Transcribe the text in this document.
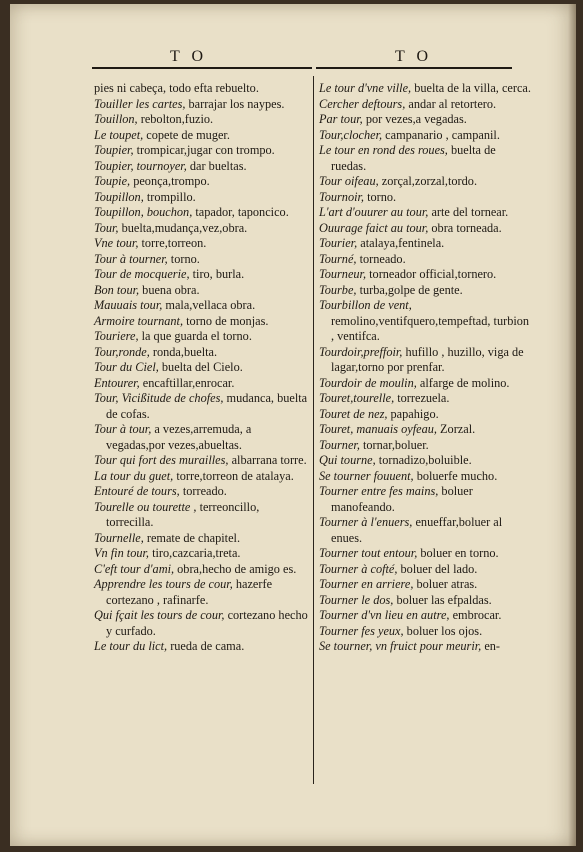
T O	T O
pies ni cabeça, todo efta rebuelto.
Touiller les cartes, barrajar los naypes.
Touillon, rebolton,fuzio.
Le toupet, copete de muger.
Toupier, trompicar,jugar con trompo.
Toupier, tournoyer, dar bueltas.
Toupie, peonça,trompo.
Toupillon, trompillo.
Toupillon, bouchon, tapador, taponcico.
Tour, buelta,mudança,vez,obra.
Vne tour, torre,torreon.
Tour à tourner, torno.
Tour de mocquerie, tiro, burla.
Bon tour, buena obra.
Mauuais tour, mala,vellaca obra.
Armoire tournant, torno de monjas.
Touriere, la que guarda el torno.
Tour,ronde, ronda,buelta.
Tour du Ciel, buelta del Cielo.
Entourer, encaftillar,enrocar.
Tour, Vicißitude de chofes, mudanca, buelta de cofas.
Tour à tour, a vezes,arremuda, a vegadas,por vezes,abueltas.
Tour qui fort des murailles, albarrana torre.
La tour du guet, torre,torreon de atalaya.
Entouré de tours, torreado.
Tourelle ou tourette , terreoncillo, torrecilla.
Tournelle, remate de chapitel.
Vn fin tour, tiro,cazcaria,treta.
C'eft tour d'ami, obra,hecho de amigo es.
Apprendre les tours de cour, hazerfe cortezano , rafinarfe.
Qui fçait les tours de cour, cortezano hecho y curfado.
Le tour du lict, rueda de cama.
Le tour d'vne ville, buelta de la villa, cerca.
Cercher deftours, andar al retortero.
Par tour, por vezes,a vegadas.
Tour,clocher, campanario , campanil.
Le tour en rond des roues, buelta de ruedas.
Tour oifeau, zorçal,zorzal,tordo.
Tournoir, torno.
L'art d'ouurer au tour, arte del tornear.
Ouurage faict au tour, obra torneada.
Tourier, atalaya,fentinela.
Tourné, torneado.
Tourneur, torneador official,tornero.
Tourbe, turba,golpe de gente.
Tourbillon de vent, remolino,ventifquero,tempeftad, turbion , ventifca.
Tourdoir,preffoir, hufillo , huzillo, viga de lagar,torno por prenfar.
Tourdoir de moulin, alfarge de molino.
Touret,tourelle, torrezuela.
Touret de nez, papahigo.
Touret, manuais oyfeau, Zorzal.
Tourner, tornar,boluer.
Qui tourne, tornadizo,boluible.
Se tourner fouuent, boluerfe mucho.
Tourner entre fes mains, boluer manofeando.
Tourner à l'enuers, enueffar,boluer al enues.
Tourner tout entour, boluer en torno.
Tourner à cofté, boluer del lado.
Tourner en arriere, boluer atras.
Tourner le dos, boluer las efpaldas.
Tourner d'vn lieu en autre, embrocar.
Tourner fes yeux, boluer los ojos.
Se tourner, vn fruict pour meurir, en-
